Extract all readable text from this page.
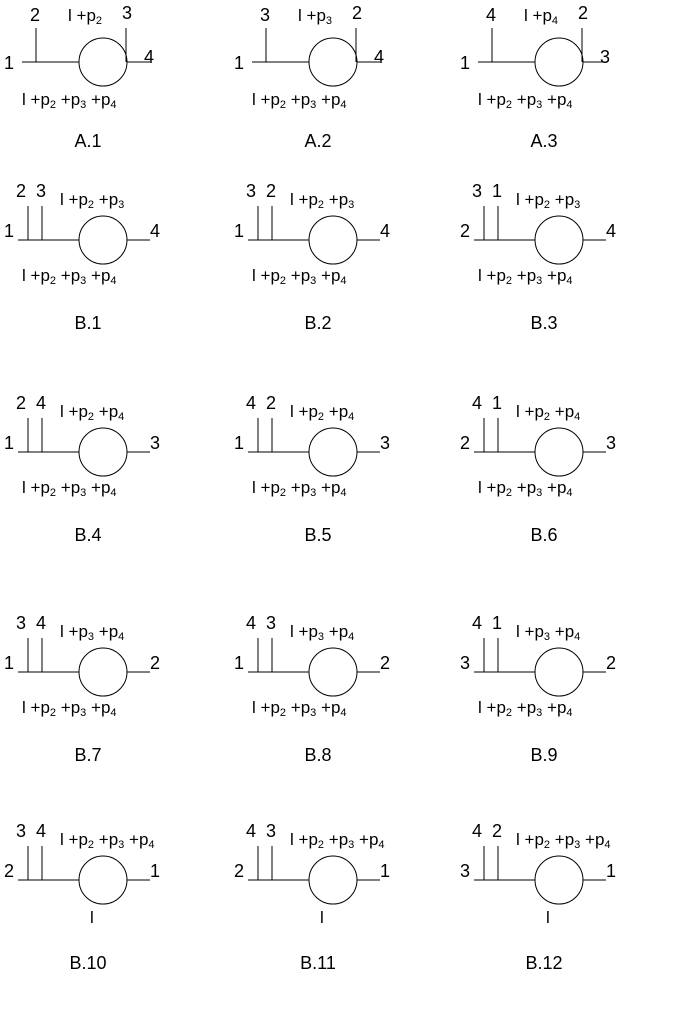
1
2	3
4
$l +p_2$
$l +p_2 +p_3 +p_4$
A.1
1
3	2
4
$l +p_3$
$l +p_2 +p_3 +p_4$
A.2
1
4	2
3
$l +p_4$
$l +p_2 +p_3 +p_4$
A.3
1
2 3
4
$l +p_2 +p_3$
$l +p_2 +p_3 +p_4$
B.1
1
3 2
4
$l +p_2 +p_3$
$l +p_2 +p_3 +p_4$
B.2
2
3 1
4
$l +p_2 +p_3$
$l +p_2 +p_3 +p_4$
B.3
1
2 4
3
$l +p_2 +p_4$
$l +p_2 +p_3 +p_4$
B.4
1
4 2
3
$l +p_2 +p_4$
$l +p_2 +p_3 +p_4$
B.5
2
4 1
3
$l +p_2 +p_4$
$l +p_2 +p_3 +p_4$
B.6
1
3 4
2
$l +p_3 +p_4$
$l +p_2 +p_3 +p_4$
B.7
1
4 3
2
$l +p_3 +p_4$
$l +p_2 +p_3 +p_4$
B.8
3
4 1
2
$l +p_3 +p_4$
$l +p_2 +p_3 +p_4$
B.9
2
3 4
1
$l +p_2 +p_3 +p_4$
l
B.10
2
4 3
1
$l +p_2 +p_3 +p_4$
l
B.11
3
4 2
1
$l +p_2 +p_3 +p_4$
l
B.12
